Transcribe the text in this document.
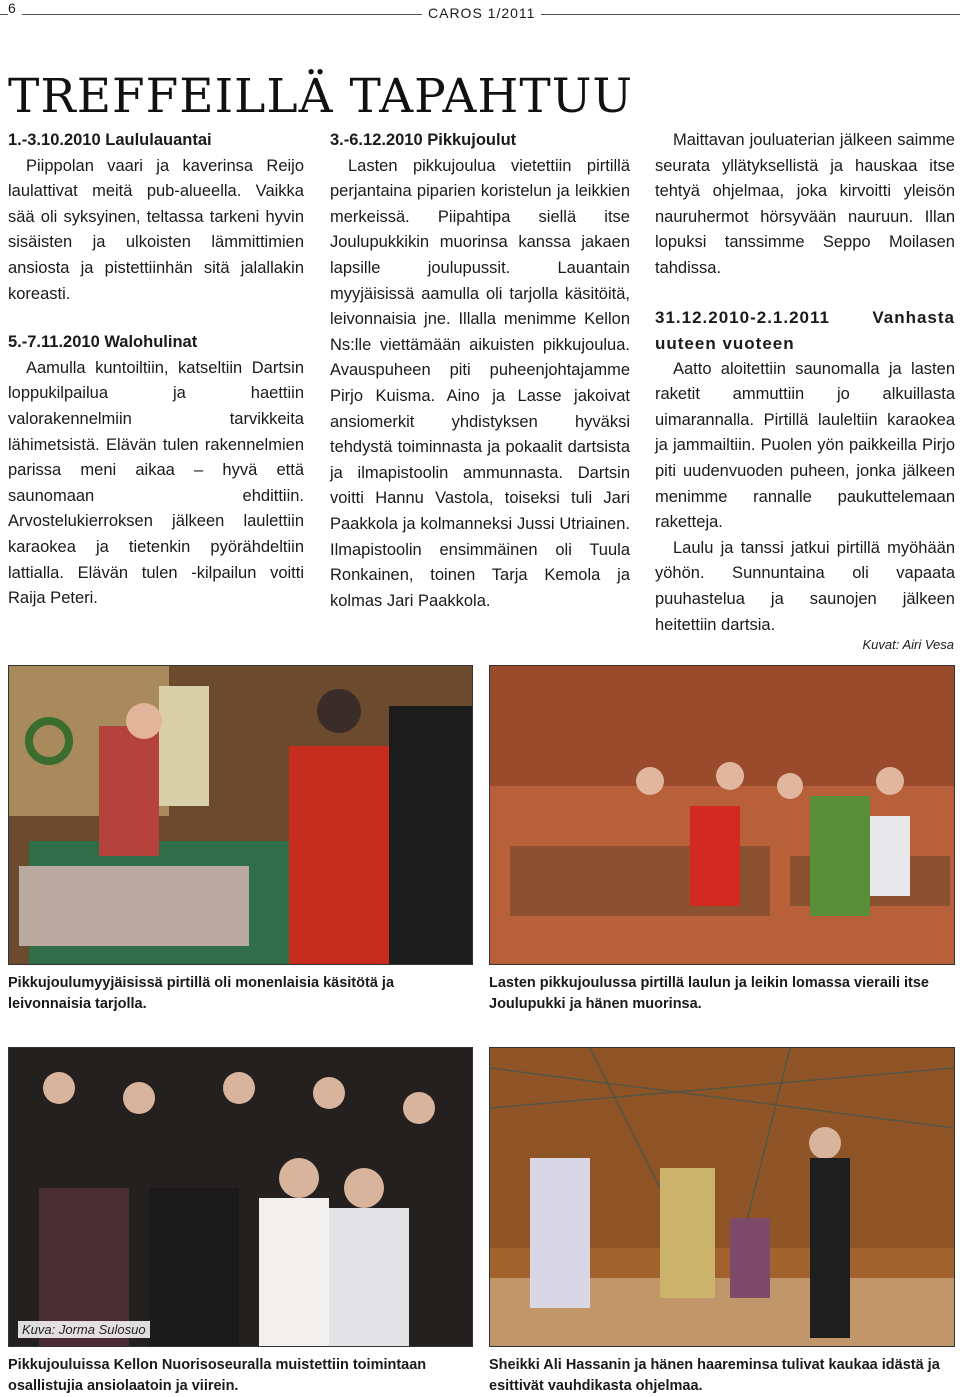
6	CAROS 1/2011
TREFFEILLÄ TAPAHTUU

1.-3.10.2010 Laululauantai

Piippolan vaari ja kaverinsa Reijo laulattivat meitä pub-alueella. Vaikka sää oli syksyinen, teltassa tarkeni hyvin sisäisten ja ulkoisten lämmittimien ansiosta ja pistettiinhän sitä jalallakin koreasti.

5.-7.11.2010 Walohulinat

Aamulla kuntoiltiin, katseltiin Dartsin loppukilpailua ja haettiin valorakennelmiin tarvikkeita lähimetsistä. Elävän tulen rakennelmien parissa meni aikaa – hyvä että saunomaan ehdittiin. Arvostelukierroksen jälkeen laulettiin karaokea ja tietenkin pyörähdeltiin lattialla. Elävän tulen -kilpailun voitti Raija Peteri.

3.-6.12.2010 Pikkujoulut

Lasten pikkujoulua vietettiin pirtillä perjantaina piparien koristelun ja leikkien merkeissä. Piipahtipa siellä itse Joulupukkikin muorinsa kanssa jakaen lapsille joulupussit. Lauantain myyjäisissä aamulla oli tarjolla käsitöitä, leivonnaisia jne. Illalla menimme Kellon Ns:lle viettämään aikuisten pikkujoulua. Avauspuheen piti puheenjohtajamme Pirjo Kuisma. Aino ja Lasse jakoivat ansiomerkit yhdistyksen hyväksi tehdystä toiminnasta ja pokaalit dartsista ja ilmapistoolin ammunnasta. Dartsin voitti Hannu Vastola, toiseksi tuli Jari Paakkola ja kolmanneksi Jussi Utriainen. Ilmapistoolin ensimmäinen oli Tuula Ronkainen, toinen Tarja Kemola ja kolmas Jari Paakkola.

Maittavan jouluaterian jälkeen saimme seurata yllätyksellistä ja hauskaa itse tehtyä ohjelmaa, joka kirvoitti yleisön nauruhermot hörsyvään nauruun. Illan lopuksi tanssimme Seppo Moilasen tahdissa.

31.12.2010-2.1.2011 Vanhasta uuteen vuoteen

Aatto aloitettiin saunomalla ja lasten raketit ammuttiin jo alkuillasta uimarannalla. Pirtillä lauleltiin karaokea ja jammailtiin. Puolen yön paikkeilla Pirjo piti uudenvuoden puheen, jonka jälkeen menimme rannalle paukuttelemaan raketteja.

Laulu ja tanssi jatkui pirtillä myöhään yöhön. Sunnuntaina oli vapaata puuhastelua ja saunojen jälkeen heitettiin dartsia.

Kuvat: Airi Vesa
Pikkujoulumyyjäisissä pirtillä oli monenlaisia käsitötä ja leivonnaisia tarjolla.
Lasten pikkujoulussa pirtillä laulun ja leikin lomassa vieraili itse Joulupukki ja hänen muorinsa.
Kuva: Jorma Sulosuo
Pikkujouluissa Kellon Nuorisoseuralla muistettiin toimintaan osallistujia ansiolaatoin ja viirein.
Sheikki Ali Hassanin ja hänen haareminsa tulivat kaukaa idästä ja esittivät vauhdikasta ohjelmaa.
